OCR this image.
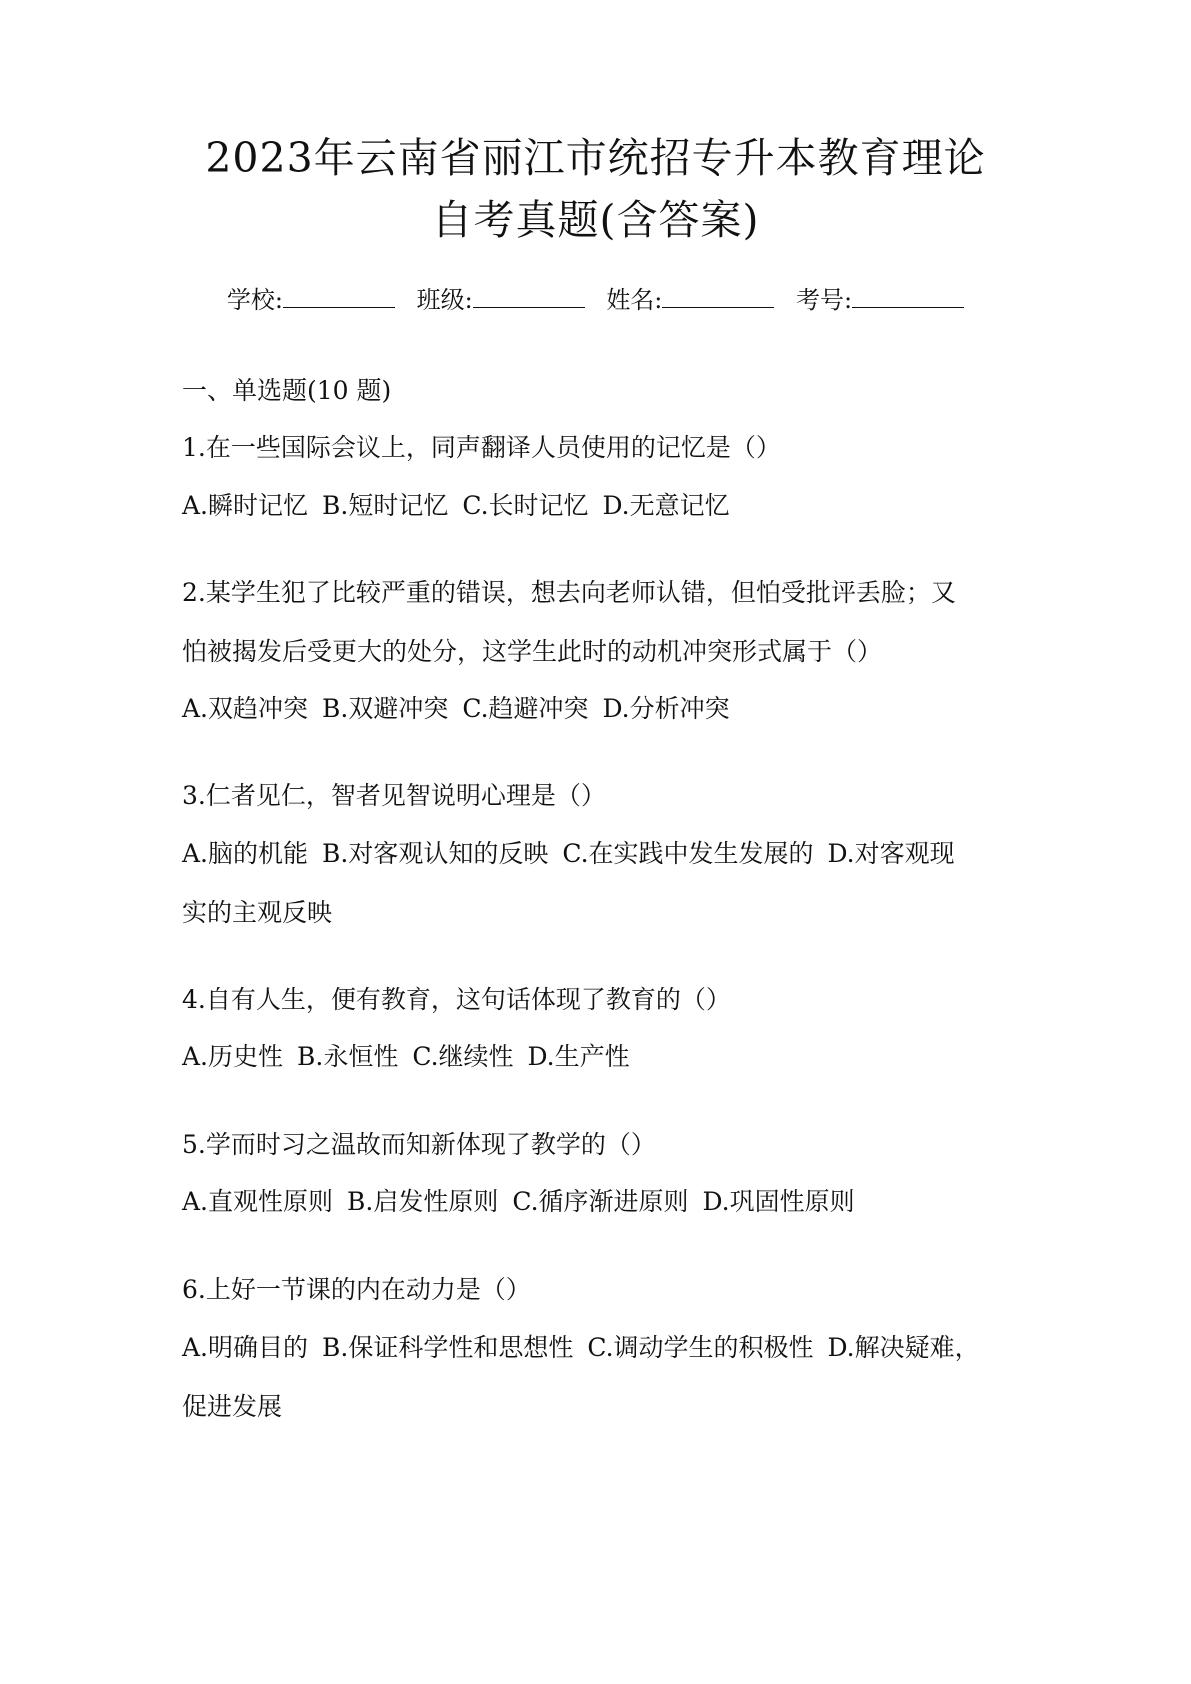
2023年云南省丽江市统招专升本教育理论
自考真题(含答案)
学校:	班级:	姓名:	考号:
一、单选题(10 题)
1.在一些国际会议上，同声翻译人员使用的记忆是（）
A.瞬时记忆 B.短时记忆 C.长时记忆 D.无意记忆
2.某学生犯了比较严重的错误，想去向老师认错，但怕受批评丢脸；又
怕被揭发后受更大的处分，这学生此时的动机冲突形式属于（）
A.双趋冲突 B.双避冲突 C.趋避冲突 D.分析冲突
3.仁者见仁，智者见智说明心理是（）
A.脑的机能 B.对客观认知的反映 C.在实践中发生发展的 D.对客观现
实的主观反映
4.自有人生，便有教育，这句话体现了教育的（）
A.历史性 B.永恒性 C.继续性 D.生产性
5.学而时习之温故而知新体现了教学的（）
A.直观性原则 B.启发性原则 C.循序渐进原则 D.巩固性原则
6.上好一节课的内在动力是（）
A.明确目的 B.保证科学性和思想性 C.调动学生的积极性 D.解决疑难，
促进发展
